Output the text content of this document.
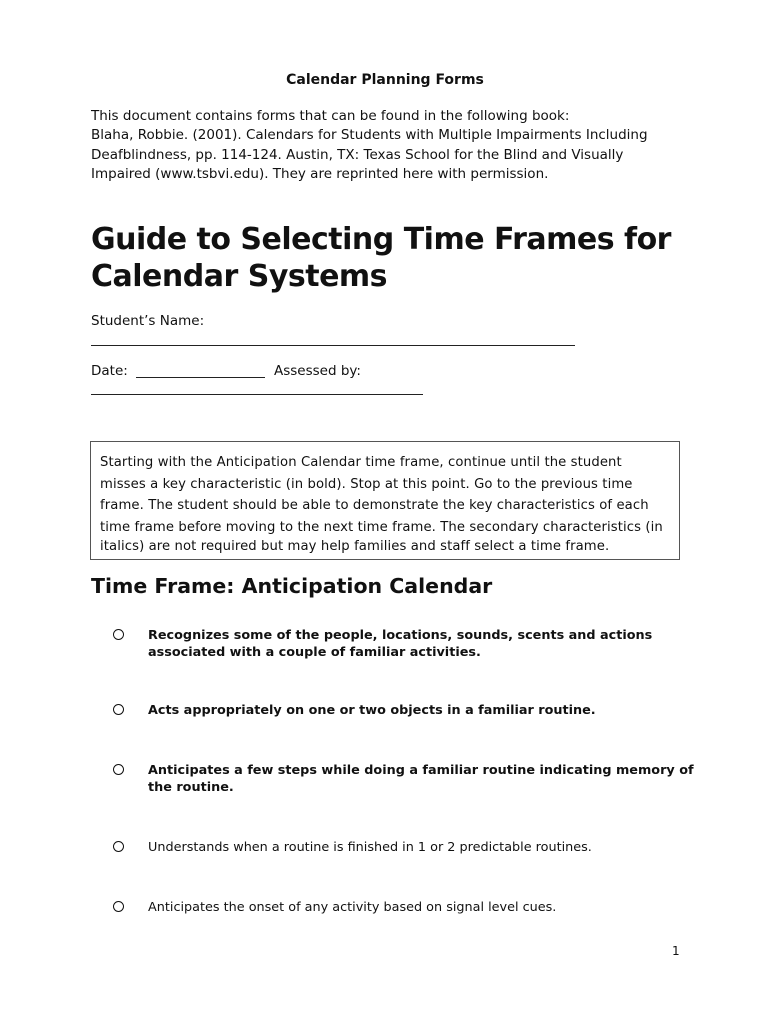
Calendar Planning Forms
This document contains forms that can be found in the following book:
Blaha, Robbie. (2001). Calendars for Students with Multiple Impairments Including
Deafblindness, pp. 114-124. Austin, TX: Texas School for the Blind and Visually
Impaired (www.tsbvi.edu). They are reprinted here with permission.
Guide to Selecting Time Frames for
Calendar Systems
Student’s Name:
Date:	Assessed by:
Starting with the Anticipation Calendar time frame, continue until the student
misses a key characteristic (in bold). Stop at this point. Go to the previous time
frame. The student should be able to demonstrate the key characteristics of each
time frame before moving to the next time frame. The secondary characteristics (in
italics) are not required but may help families and staff select a time frame.
Time Frame: Anticipation Calendar
Recognizes some of the people, locations, sounds, scents and actions
associated with a couple of familiar activities.
Acts appropriately on one or two objects in a familiar routine.
Anticipates a few steps while doing a familiar routine indicating memory of
the routine.
Understands when a routine is finished in 1 or 2 predictable routines.
Anticipates the onset of any activity based on signal level cues.
1
